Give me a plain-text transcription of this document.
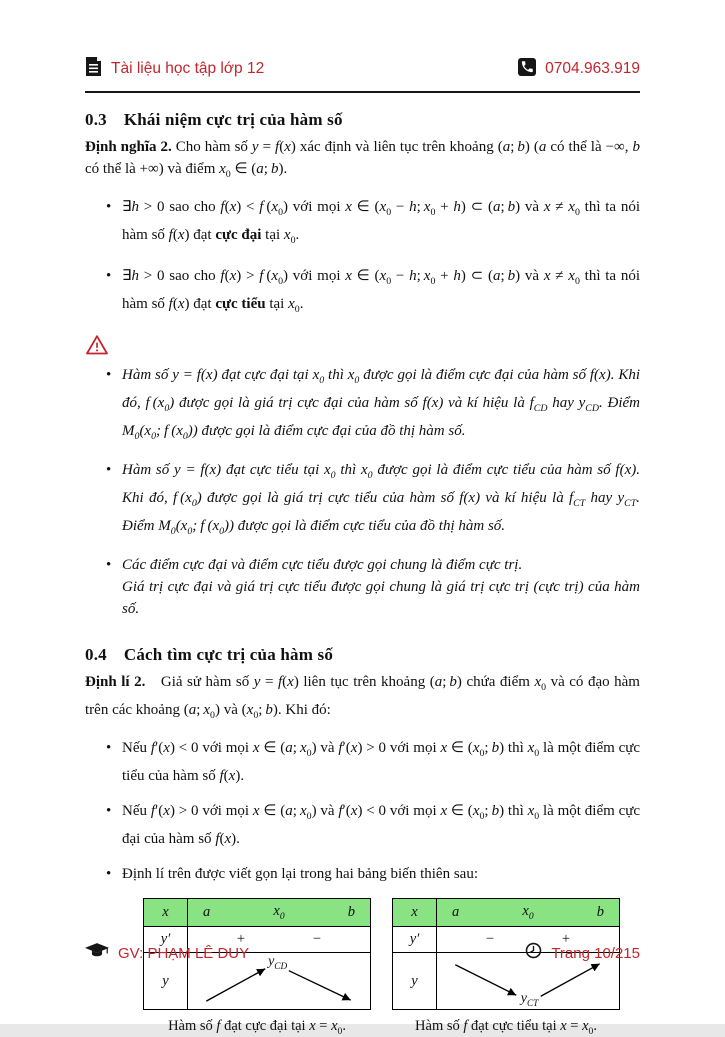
Tài liệu học tập lớp 12	0704.963.919
0.3 Khái niệm cực trị của hàm số

Định nghĩa 2. Cho hàm số y = f(x) xác định và liên tục trên khoảng (a; b) (a có thể là −∞, b có thể là +∞) và điểm $x_0$ ∈ (a; b).

• ∃h > 0 sao cho f(x) < f $(x_0)$ với mọi x ∈ ($x_0 - h$; $x_0 + h$) ⊂ (a; b) và $x \ne x_0$ thì ta nói hàm số f(x) đạt cực đại tại $x_0$.
• ∃h > 0 sao cho f(x) > f $(x_0)$ với mọi x ∈ ($x_0 - h$; $x_0 + h$) ⊂ (a; b) và $x \ne x_0$ thì ta nói hàm số f(x) đạt cực tiểu tại $x_0$.
• Hàm số y = f(x) đạt cực đại tại $x_0$ thì $x_0$ được gọi là điểm cực đại của hàm số f(x). Khi đó, f $(x_0)$ được gọi là giá trị cực đại của hàm số f(x) và kí hiệu là $f_{CD}$ hay $y_{CD}$. Điểm $M_0(x_0$; f $(x_0)$) được gọi là điểm cực đại của đồ thị hàm số.
• Hàm số y = f(x) đạt cực tiểu tại $x_0$ thì $x_0$ được gọi là điểm cực tiểu của hàm số f(x). Khi đó, f $(x_0)$ được gọi là giá trị cực tiểu của hàm số f(x) và kí hiệu là $f_{CT}$ hay $y_{CT}$. Điểm $M_0(x_0$; f $(x_0)$) được gọi là điểm cực tiểu của đồ thị hàm số.
• Các điểm cực đại và điểm cực tiểu được gọi chung là điểm cực trị.
Giá trị cực đại và giá trị cực tiểu được gọi chung là giá trị cực trị (cực trị) của hàm số.
0.4 Cách tìm cực trị của hàm số

Định lí 2. Giả sử hàm số y = f(x) liên tục trên khoảng (a; b) chứa điểm $x_0$ và có đạo hàm trên các khoảng (a; $x_0$) và ($x_0$; b). Khi đó:

• Nếu f′(x) < 0 với mọi x ∈ (a; $x_0$) và f′(x) > 0 với mọi x ∈ ($x_0$; b) thì $x_0$ là một điểm cực tiểu của hàm số f(x).
• Nếu f′(x) > 0 với mọi x ∈ (a; $x_0$) và f′(x) < 0 với mọi x ∈ ($x_0$; b) thì $x_0$ là một điểm cực đại của hàm số f(x).
• Định lí trên được viết gọn lại trong hai bảng biến thiên sau:
x	a	$x_0$	b
y′	+	−
y
$y_{CD}$
x	a	$x_0$	b
y′	−	+
y
$y_{CT}$
Hàm số f đạt cực đại tại $x = x_0$.	Hàm số f đạt cực tiểu tại $x = x_0$.
GV: PHẠM LÊ DUY	Trang 10/215
